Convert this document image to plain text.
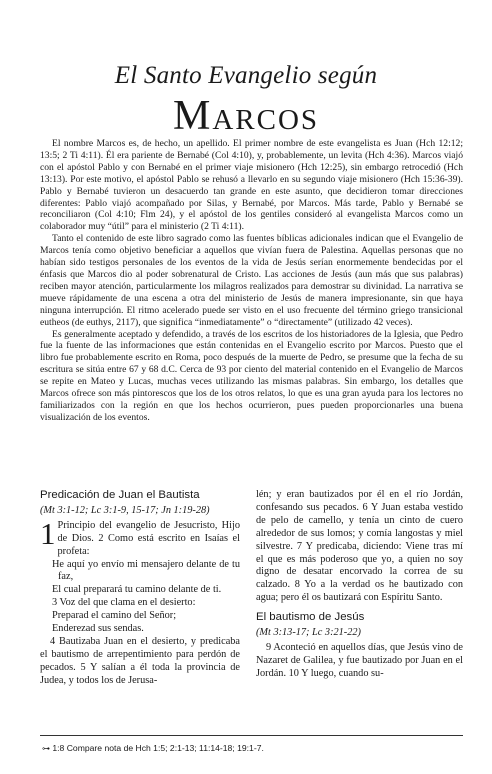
El Santo Evangelio según
Marcos

El nombre Marcos es, de hecho, un apellido. El primer nombre de este evangelista es Juan (Hch 12:12; 13:5; 2 Ti 4:11). Él era pariente de Bernabé (Col 4:10), y, probablemente, un levita (Hch 4:36). Marcos viajó con el apóstol Pablo y con Bernabé en el primer viaje misionero (Hch 12:25), sin embargo retrocedió (Hch 13:13). Por este motivo, el apóstol Pablo se rehusó a llevarlo en su segundo viaje misionero (Hch 15:36-39). Pablo y Bernabé tuvieron un desacuerdo tan grande en este asunto, que decidieron tomar direcciones diferentes: Pablo viajó acompañado por Silas, y Bernabé, por Marcos. Más tarde, Pablo y Bernabé se reconciliaron (Col 4:10; Flm 24), y el apóstol de los gentiles consideró al evangelista Marcos como un colaborador muy “útil” para el ministerio (2 Ti 4:11).

Tanto el contenido de este libro sagrado como las fuentes bíblicas adicionales indican que el Evangelio de Marcos tenía como objetivo beneficiar a aquellos que vivían fuera de Palestina. Aquellas personas que no habían sido testigos personales de los eventos de la vida de Jesús serían enormemente bendecidas por el énfasis que Marcos dio al poder sobrenatural de Cristo. Las acciones de Jesús (aun más que sus palabras) reciben mayor atención, particularmente los milagros realizados para demostrar su divinidad. La narrativa se mueve rápidamente de una escena a otra del ministerio de Jesús de manera impresionante, sin que haya ninguna interrupción. El ritmo acelerado puede ser visto en el uso frecuente del término griego transicional eutheos (de euthys, 2117), que significa “inmediatamente” o “directamente” (utilizado 42 veces).

Es generalmente aceptado y defendido, a través de los escritos de los historiadores de la Iglesia, que Pedro fue la fuente de las informaciones que están contenidas en el Evangelio escrito por Marcos. Puesto que el libro fue probablemente escrito en Roma, poco después de la muerte de Pedro, se presume que la fecha de su escritura se sitúa entre 67 y 68 d.C. Cerca de 93 por ciento del material contenido en el Evangelio de Marcos se repite en Mateo y Lucas, muchas veces utilizando las mismas palabras. Sin embargo, los detalles que Marcos ofrece son más pintorescos que los de los otros relatos, lo que es una gran ayuda para los lectores no familiarizados con la región en que los hechos ocurrieron, pues pueden proporcionarles una buena visualización de los eventos.

Predicación de Juan el Bautista
(Mt 3:1-12; Lc 3:1-9, 15-17; Jn 1:19-28)

1 Principio del evangelio de Jesucristo, Hijo de Dios. 2 Como está escrito en Isaías el profeta:

He aquí yo envío mi mensajero delante de tu faz,

El cual preparará tu camino delante de ti.

3 Voz del que clama en el desierto:

Preparad el camino del Señor;

Enderezad sus sendas.

4 Bautizaba Juan en el desierto, y predicaba el bautismo de arrepentimiento para perdón de pecados. 5 Y salían a él toda la provincia de Judea, y todos los de Jerusa-

lén; y eran bautizados por él en el río Jordán, confesando sus pecados. 6 Y Juan estaba vestido de pelo de camello, y tenía un cinto de cuero alrededor de sus lomos; y comía langostas y miel silvestre. 7 Y predicaba, diciendo: Viene tras mí el que es más poderoso que yo, a quien no soy digno de desatar encorvado la correa de su calzado. 8 Yo a la verdad os he bautizado con agua; pero él os bautizará con Espíritu Santo.

El bautismo de Jesús
(Mt 3:13-17; Lc 3:21-22)

9 Aconteció en aquellos días, que Jesús vino de Nazaret de Galilea, y fue bautizado por Juan en el Jordán. 10 Y luego, cuando su-

⊶ 1:8 Compare nota de Hch 1:5; 2:1-13; 11:14-18; 19:1-7.
